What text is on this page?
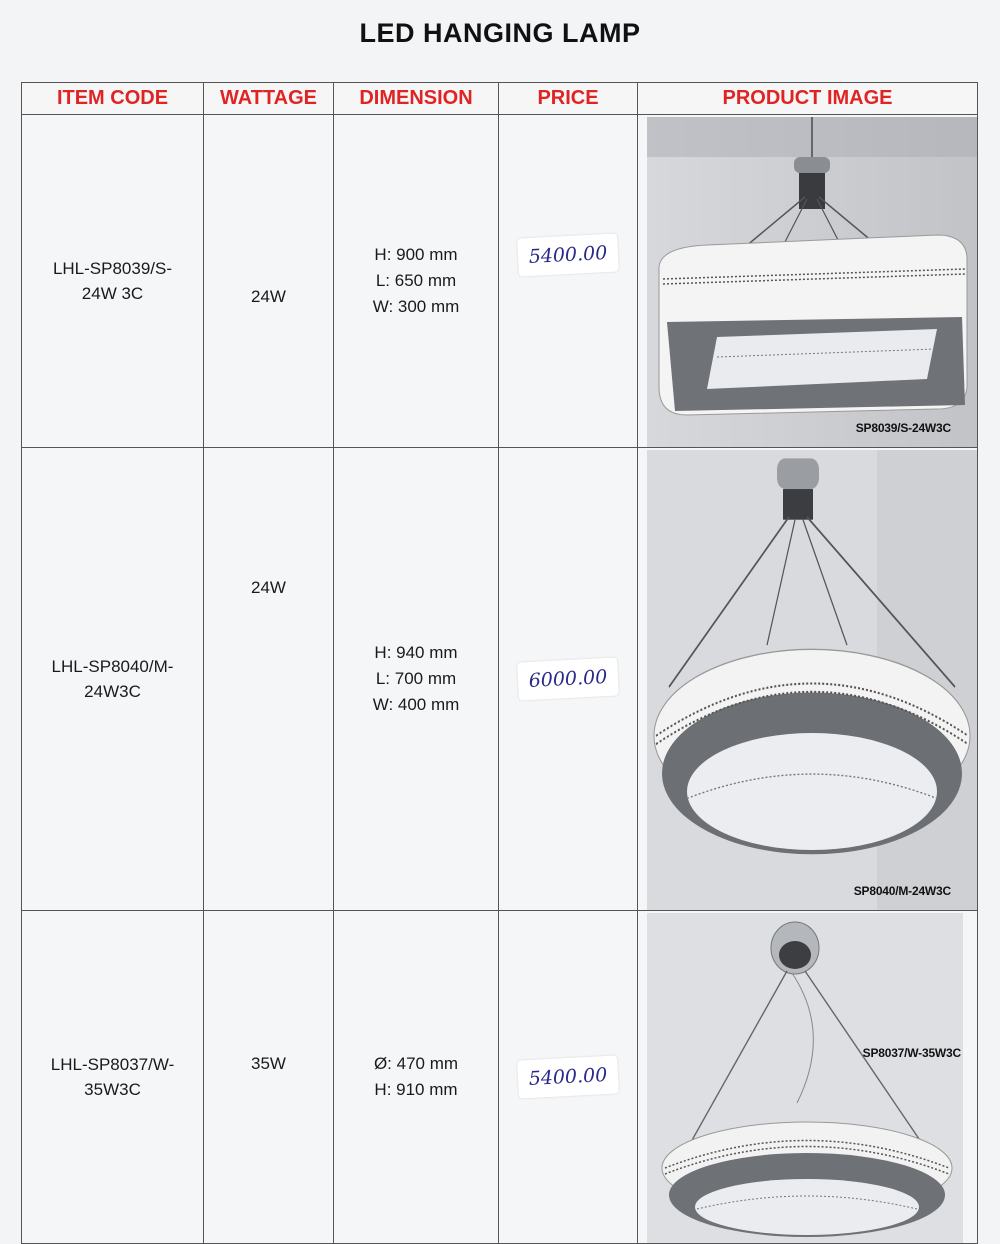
LED HANGING LAMP
ITEM CODE	WATTAGE	DIMENSION	PRICE	PRODUCT IMAGE

LHL-SP8039/S-
24W 3C	24W	H: 900 mm
L: 650 mm
W: 300 mm	5400.00	SP8039/S-24W3C

LHL-SP8040/M-
24W3C	24W	H: 940 mm
L: 700 mm
W: 400 mm	6000.00	SP8040/M-24W3C

LHL-SP8037/W-
35W3C	35W	Ø: 470 mm
H: 910 mm	5400.00	SP8037/W-35W3C
